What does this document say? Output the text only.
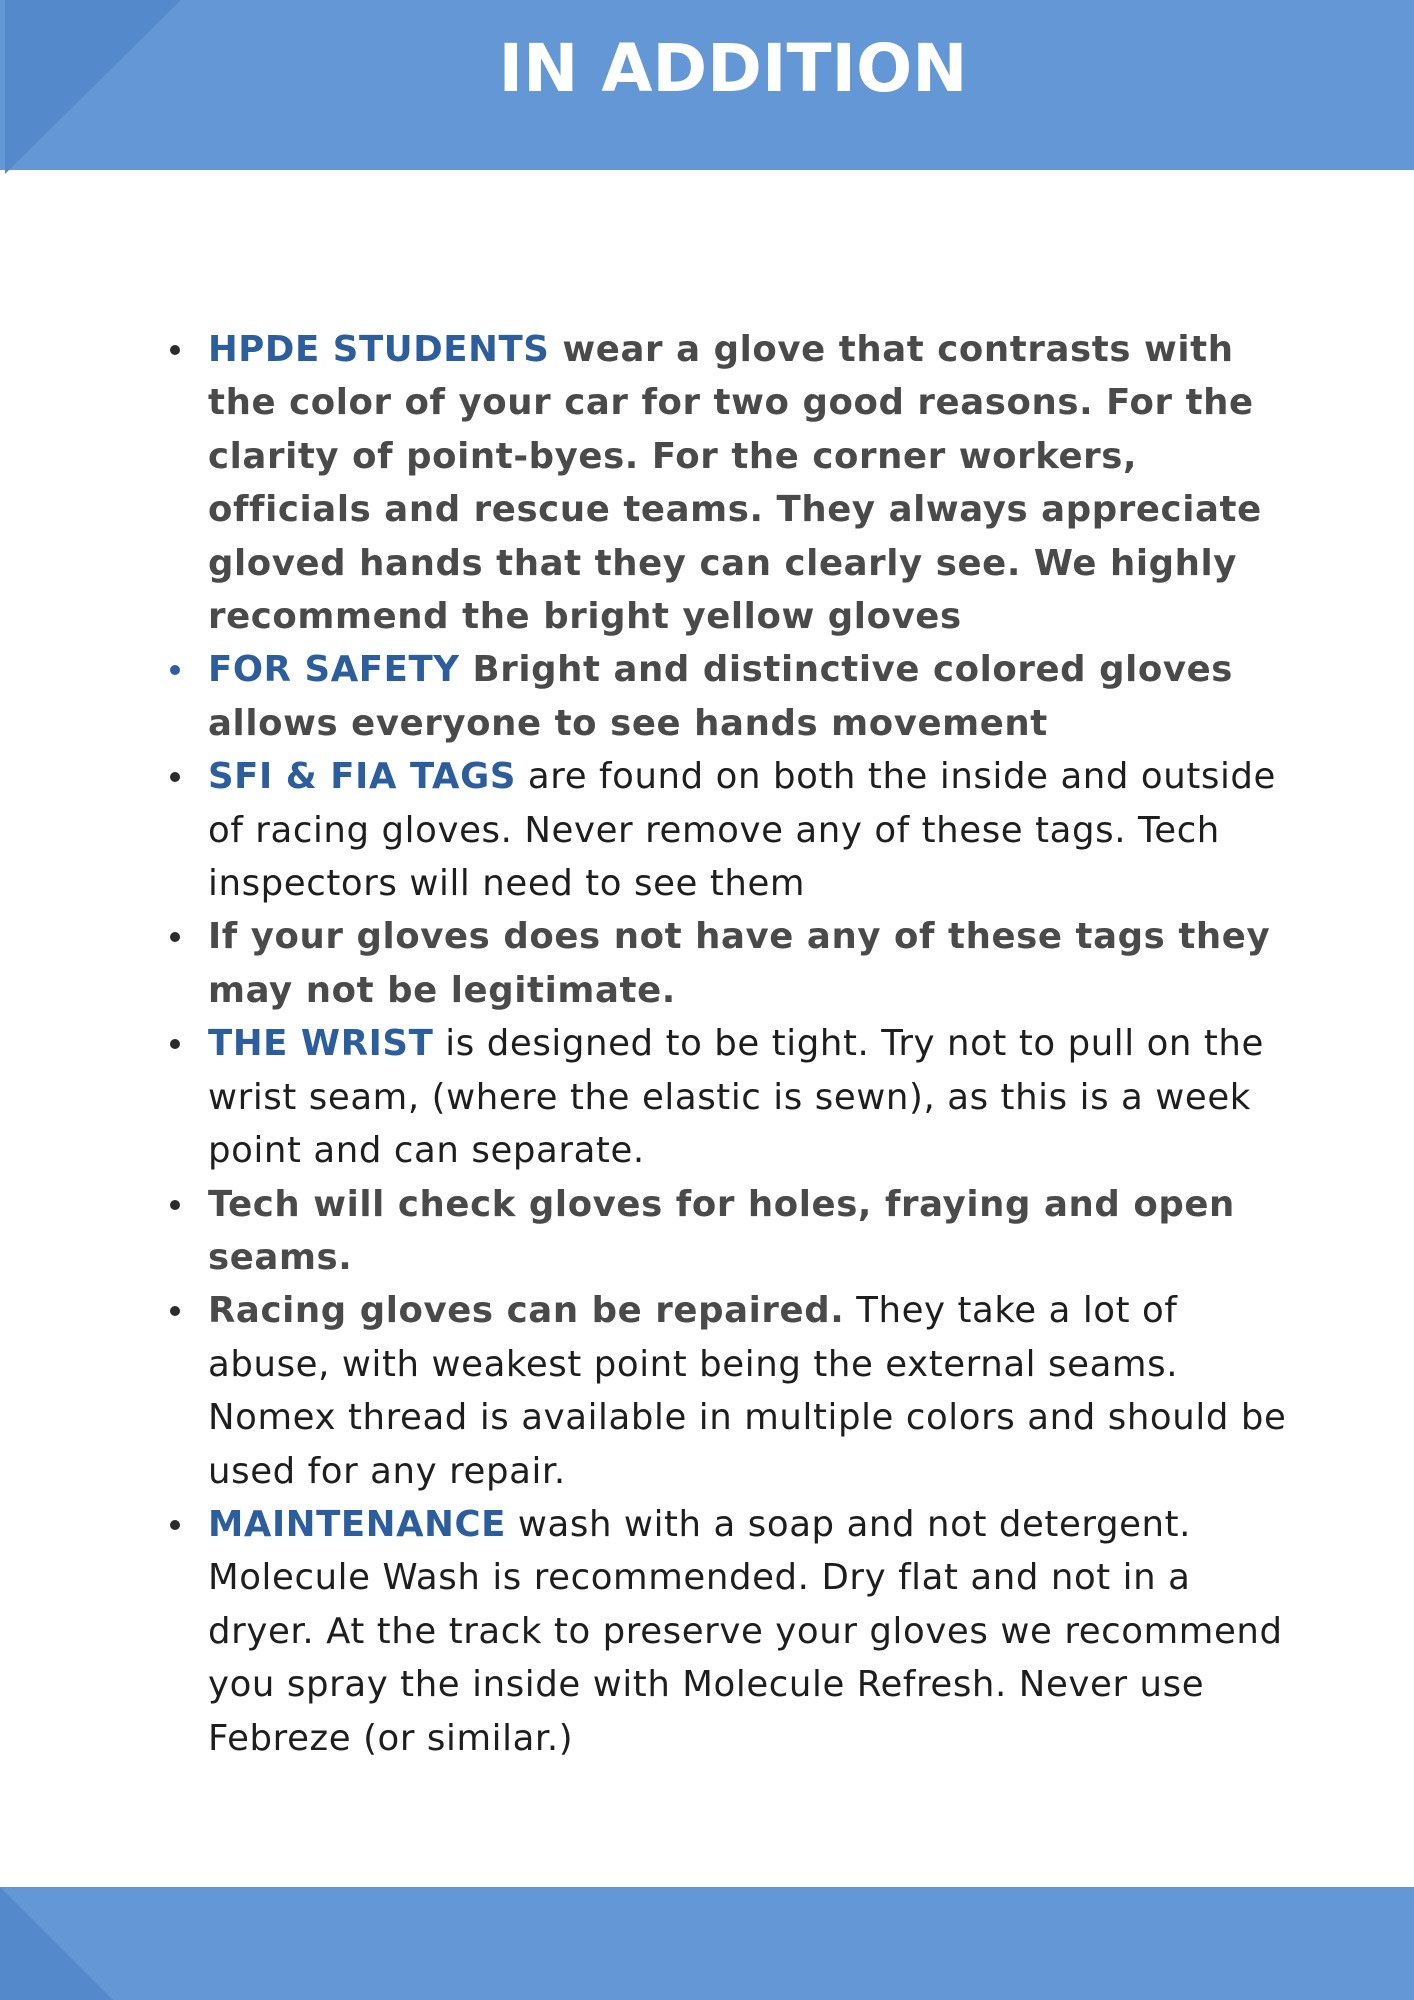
IN ADDITION
HPDE STUDENTS wear a glove that contrasts with the color of your car for two good reasons. For the clarity of point-byes. For the corner workers, officials and rescue teams. They always appreciate gloved hands that they can clearly see. We highly recommend the bright yellow gloves
FOR SAFETY Bright and distinctive colored gloves allows everyone to see hands movement
SFI & FIA TAGS are found on both the inside and outside of racing gloves. Never remove any of these tags. Tech inspectors will need to see them
If your gloves does not have any of these tags they may not be legitimate.
THE WRIST is designed to be tight. Try not to pull on the wrist seam, (where the elastic is sewn), as this is a week point and can separate.
Tech will check gloves for holes, fraying and open seams.
Racing gloves can be repaired. They take a lot of abuse, with weakest point being the external seams. Nomex thread is available in multiple colors and should be used for any repair.
MAINTENANCE wash with a soap and not detergent. Molecule Wash is recommended. Dry flat and not in a dryer. At the track to preserve your gloves we recommend you spray the inside with Molecule Refresh. Never use Febreze (or similar.)
